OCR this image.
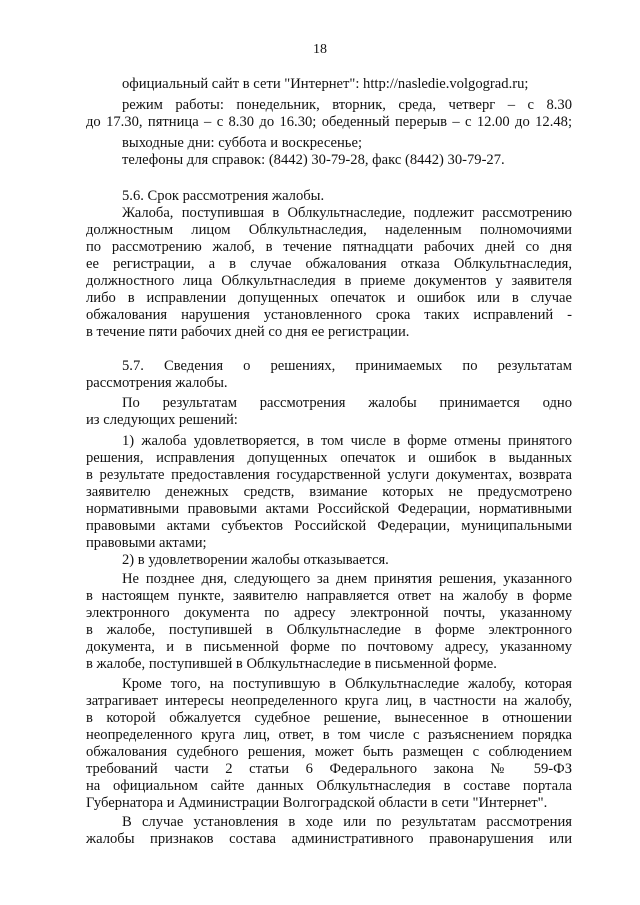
18
официальный сайт в сети "Интернет": http://nasledie.volgograd.ru;
режим работы: понедельник, вторник, среда, четверг – с 8.30
до 17.30, пятница – с 8.30 до 16.30; обеденный перерыв – с 12.00 до 12.48;
выходные дни: суббота и воскресенье;
телефоны для справок: (8442) 30-79-28, факс (8442) 30-79-27.
5.6. Срок рассмотрения жалобы.
Жалоба, поступившая в Облкультнаследие, подлежит рассмотрению
должностным лицом Облкультнаследия, наделенным полномочиями
по рассмотрению жалоб, в течение пятнадцати рабочих дней со дня
ее регистрации, а в случае обжалования отказа Облкультнаследия,
должностного лица Облкультнаследия в приеме документов у заявителя
либо в исправлении допущенных опечаток и ошибок или в случае
обжалования нарушения установленного срока таких исправлений -
в течение пяти рабочих дней со дня ее регистрации.
5.7. Сведения о решениях, принимаемых по результатам
рассмотрения жалобы.
По результатам рассмотрения жалобы принимается одно
из следующих решений:
1) жалоба удовлетворяется, в том числе в форме отмены принятого
решения, исправления допущенных опечаток и ошибок в выданных
в результате предоставления государственной услуги документах, возврата
заявителю денежных средств, взимание которых не предусмотрено
нормативными правовыми актами Российской Федерации, нормативными
правовыми актами субъектов Российской Федерации, муниципальными
правовыми актами;
2) в удовлетворении жалобы отказывается.
Не позднее дня, следующего за днем принятия решения, указанного
в настоящем пункте, заявителю направляется ответ на жалобу в форме
электронного документа по адресу электронной почты, указанному
в жалобе, поступившей в Облкультнаследие в форме электронного
документа, и в письменной форме по почтовому адресу, указанному
в жалобе, поступившей в Облкультнаследие в письменной форме.
Кроме того, на поступившую в Облкультнаследие жалобу, которая
затрагивает интересы неопределенного круга лиц, в частности на жалобу,
в которой обжалуется судебное решение, вынесенное в отношении
неопределенного круга лиц, ответ, в том числе с разъяснением порядка
обжалования судебного решения, может быть размещен с соблюдением
требований части 2 статьи 6 Федерального закона № 59-ФЗ
на официальном сайте данных Облкультнаследия в составе портала
Губернатора и Администрации Волгоградской области в сети "Интернет".
В случае установления в ходе или по результатам рассмотрения
жалобы признаков состава административного правонарушения или
